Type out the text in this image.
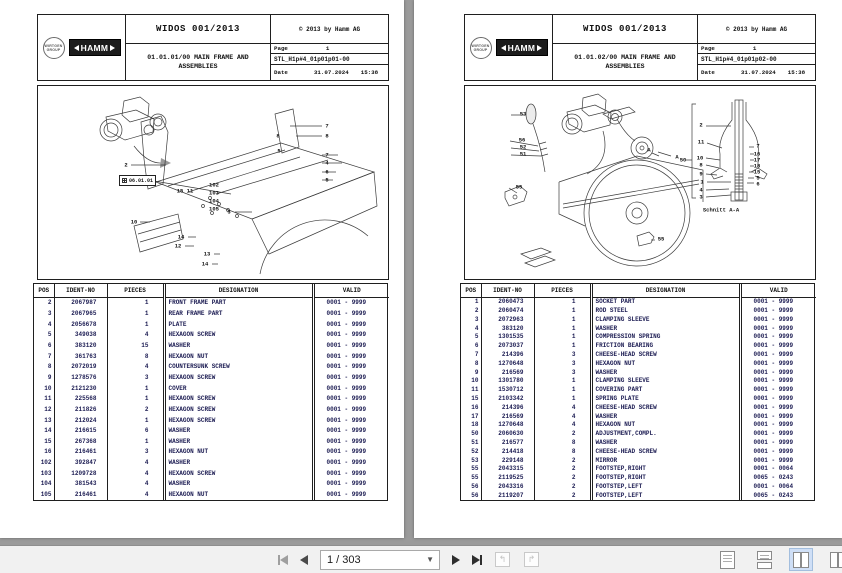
WIRTGEN
GROUP HAMM
WIDOS 001/2013
01.01.01/00 MAIN FRAME AND ASSEMBLIES
© 2013 by Hamm AG
Page	1
STL_H1p#4_01p01p01-00
Date	31.07.2024 15:38
06.01.01
2
3
10
15 11
102
103
104
105
14
12
13
14
7
8
7
4
6
5
8
5
POS	IDENT-NO	PIECES	DESIGNATION	VALID
2	2067987	1	FRONT FRAME PART	0001 - 9999
3	2067965	1	REAR FRAME PART	0001 - 9999
4	2056678	1	PLATE	0001 - 9999
5	349038	4	HEXAGON SCREW	0001 - 9999
6	383120	15	WASHER	0001 - 9999
7	361763	8	HEXAGON NUT	0001 - 9999
8	2072019	4	COUNTERSUNK SCREW	0001 - 9999
9	1278576	3	HEXAGON SCREW	0001 - 9999
10	2121230	1	COVER	0001 - 9999
11	225568	1	HEXAGON SCREW	0001 - 9999
12	211826	2	HEXAGON SCREW	0001 - 9999
13	212024	1	HEXAGON SCREW	0001 - 9999
14	216615	6	WASHER	0001 - 9999
15	267368	1	WASHER	0001 - 9999
16	216461	3	HEXAGON NUT	0001 - 9999
102	392847	4	WASHER	0001 - 9999
103	1209728	4	HEXAGON SCREW	0001 - 9999
104	381543	4	WASHER	0001 - 9999
105	216461	4	HEXAGON NUT	0001 - 9999

WIRTGEN
GROUP HAMM
WIDOS 001/2013
01.01.02/00 MAIN FRAME AND ASSEMBLIES
© 2013 by Hamm AG
Page	1
STL_H1p#4_01p01p02-00
Date	31.07.2024 15:38
53
56
52
51
55
55
A
A
2
11
10
8
9
1
4
3
7
16
17
18
15
5
6
50
Schnitt A-A
POS	IDENT-NO	PIECES	DESIGNATION	VALID
1	2060473	1	SOCKET PART	0001 - 9999
2	2060474	1	ROD STEEL	0001 - 9999
3	2072963	1	CLAMPING SLEEVE	0001 - 9999
4	383120	1	WASHER	0001 - 9999
5	1301535	1	COMPRESSION SPRING	0001 - 9999
6	2073037	1	FRICTION BEARING	0001 - 9999
7	214396	3	CHEESE-HEAD SCREW	0001 - 9999
8	1270648	3	HEXAGON NUT	0001 - 9999
9	216569	3	WASHER	0001 - 9999
10	1301780	1	CLAMPING SLEEVE	0001 - 9999
11	1530712	1	COVERING PART	0001 - 9999
15	2103342	1	SPRING PLATE	0001 - 9999
16	214396	4	CHEESE-HEAD SCREW	0001 - 9999
17	216569	4	WASHER	0001 - 9999
18	1270648	4	HEXAGON NUT	0001 - 9999
50	2060630	2	ADJUSTMENT,COMPL.	0001 - 9999
51	216577	8	WASHER	0001 - 9999
52	214418	8	CHEESE-HEAD SCREW	0001 - 9999
53	229148	2	MIRROR	0001 - 9999
55	2043315	2	FOOTSTEP,RIGHT	0001 - 0064
55	2119525	2	FOOTSTEP,RIGHT	0065 - 0243
56	2043316	2	FOOTSTEP,LEFT	0001 - 0064
56	2119207	2	FOOTSTEP,LEFT	0065 - 0243

1 / 303	▼	↰ ↱
